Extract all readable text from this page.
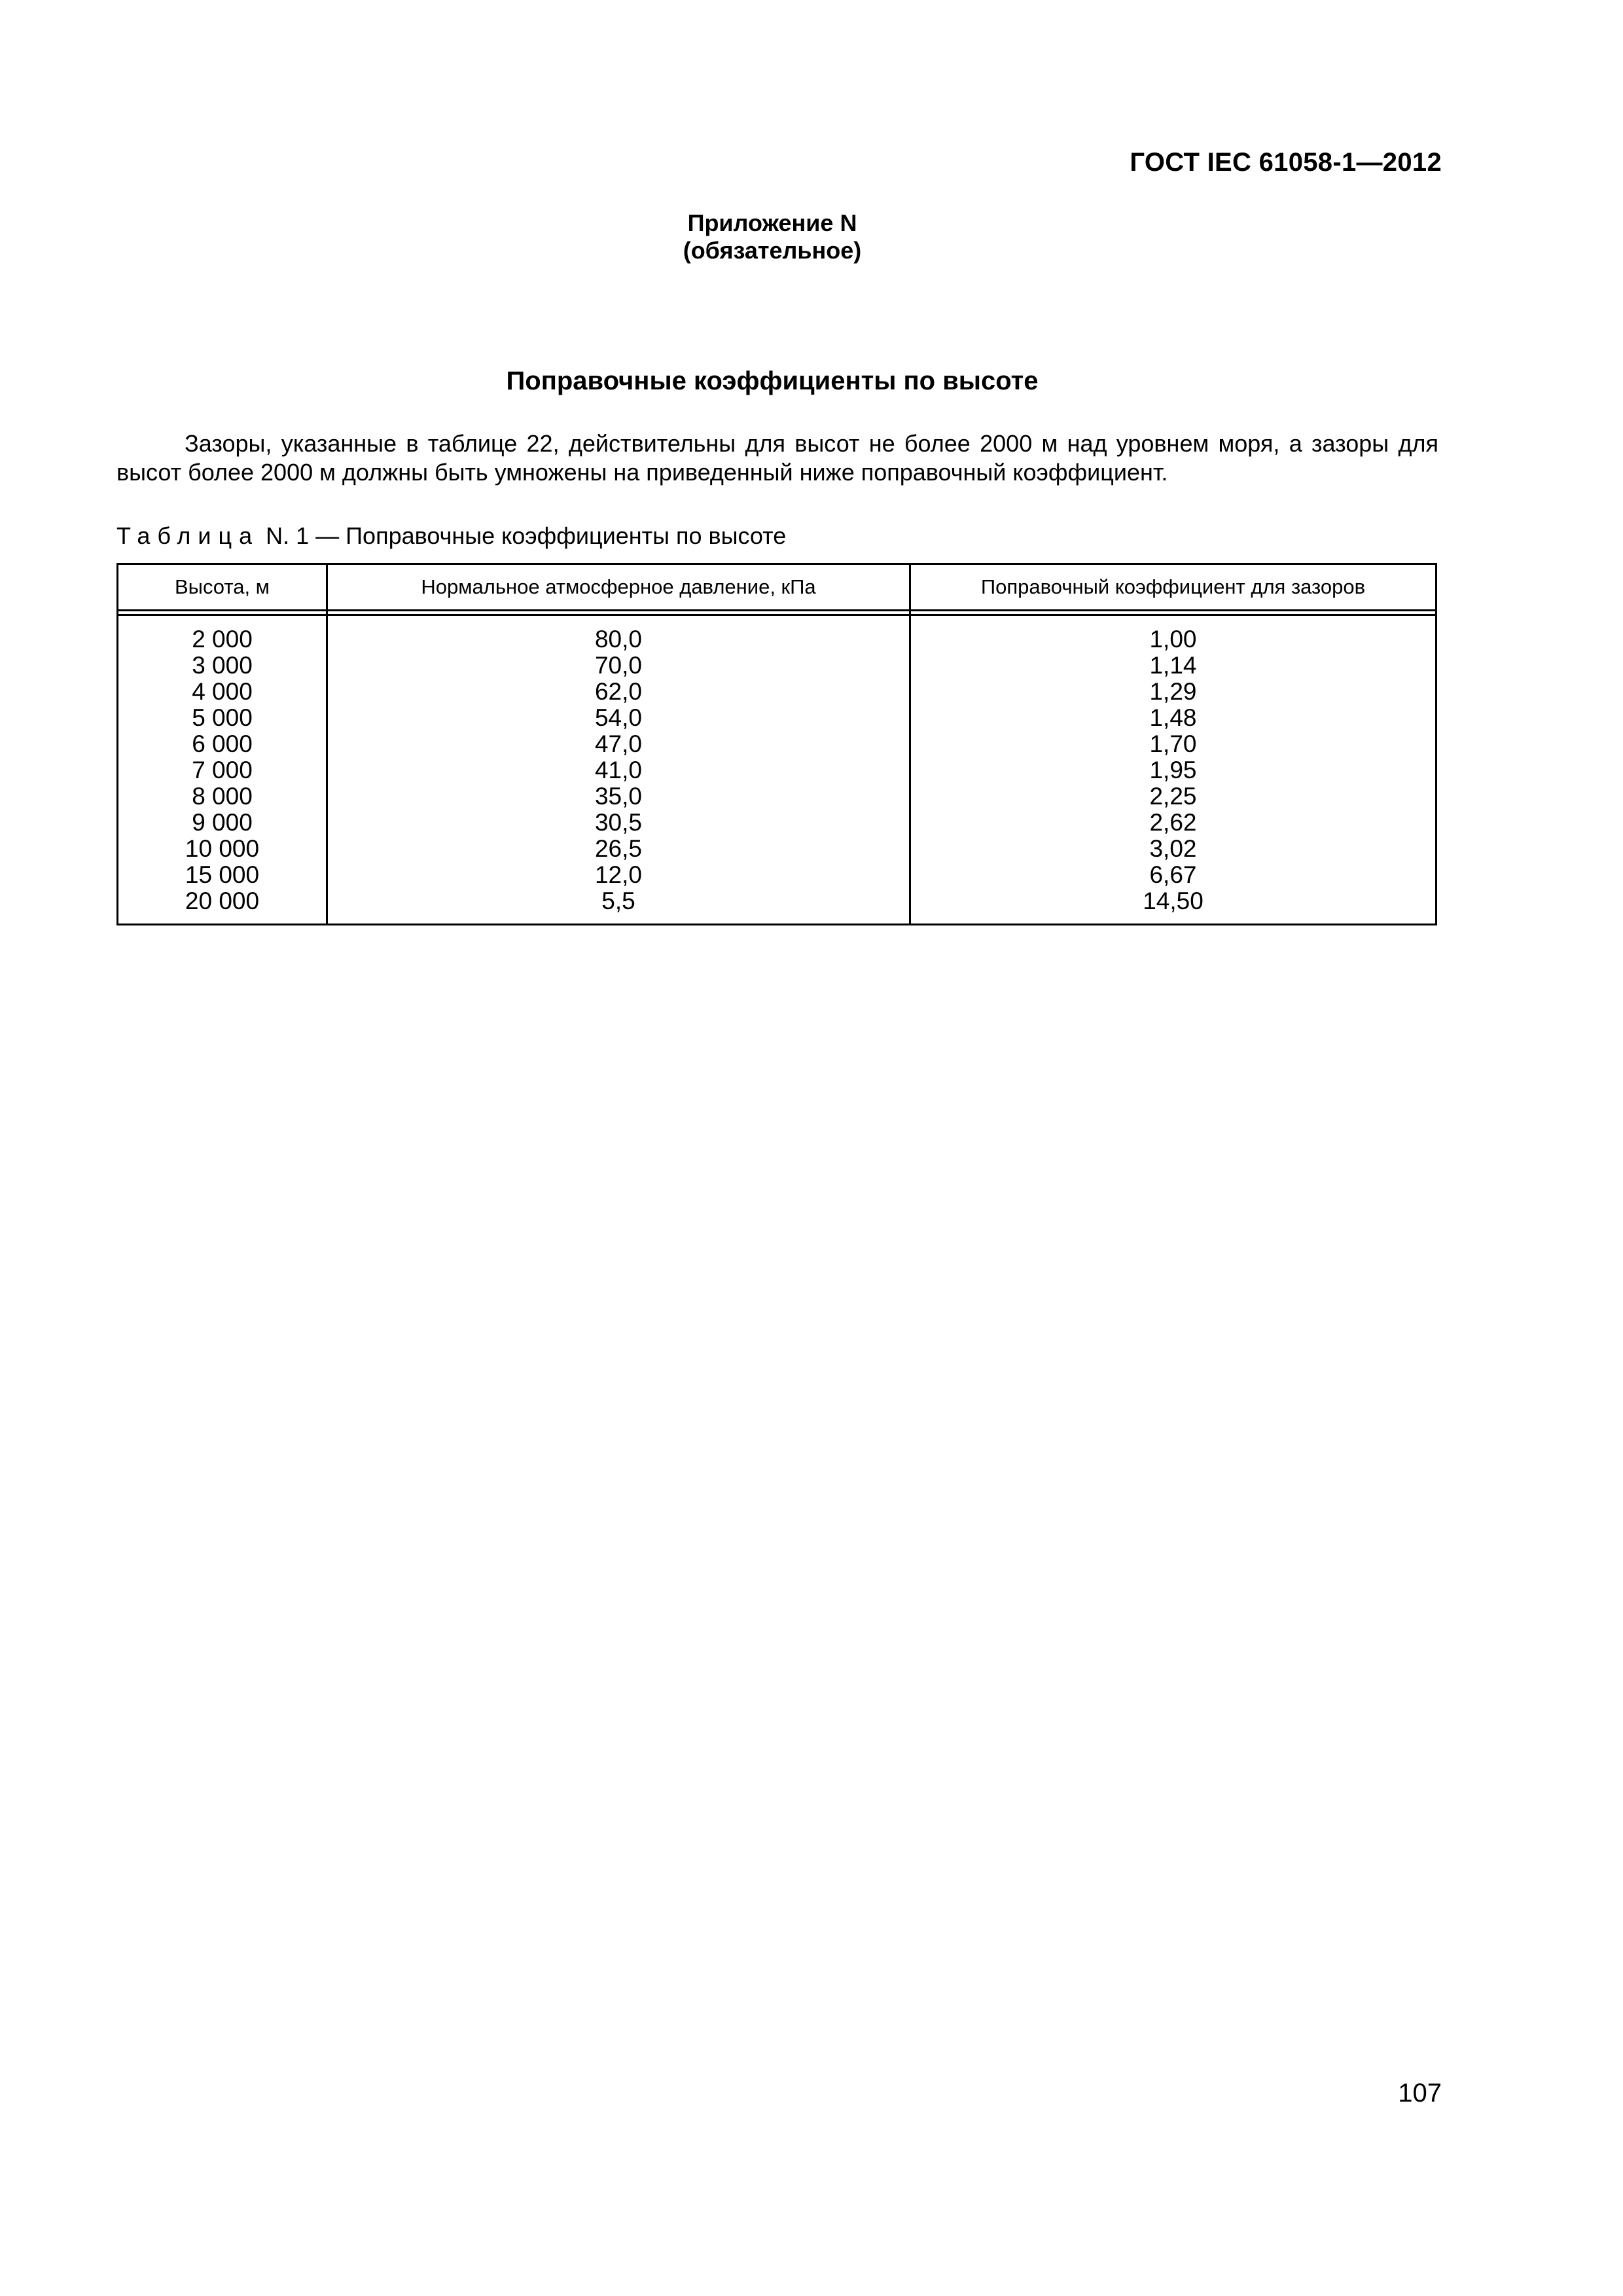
ГОСТ IEC 61058-1—2012
Приложение N
(обязательное)
Поправочные коэффициенты по высоте
Зазоры, указанные в таблице 22, действительны для высот не более 2000 м над уровнем моря, а зазоры для высот более 2000 м должны быть умножены на приведенный ниже поправочный коэффициент.
Таблица N. 1 — Поправочные коэффициенты по высоте
Высота, м	Нормальное атмосферное давление, кПа	Поправочный коэффициент для зазоров
2 000
3 000
4 000
5 000
6 000
7 000
8 000
9 000
10 000
15 000
20 000
80,0
70,0
62,0
54,0
47,0
41,0
35,0
30,5
26,5
12,0
5,5
1,00
1,14
1,29
1,48
1,70
1,95
2,25
2,62
3,02
6,67
14,50
107
